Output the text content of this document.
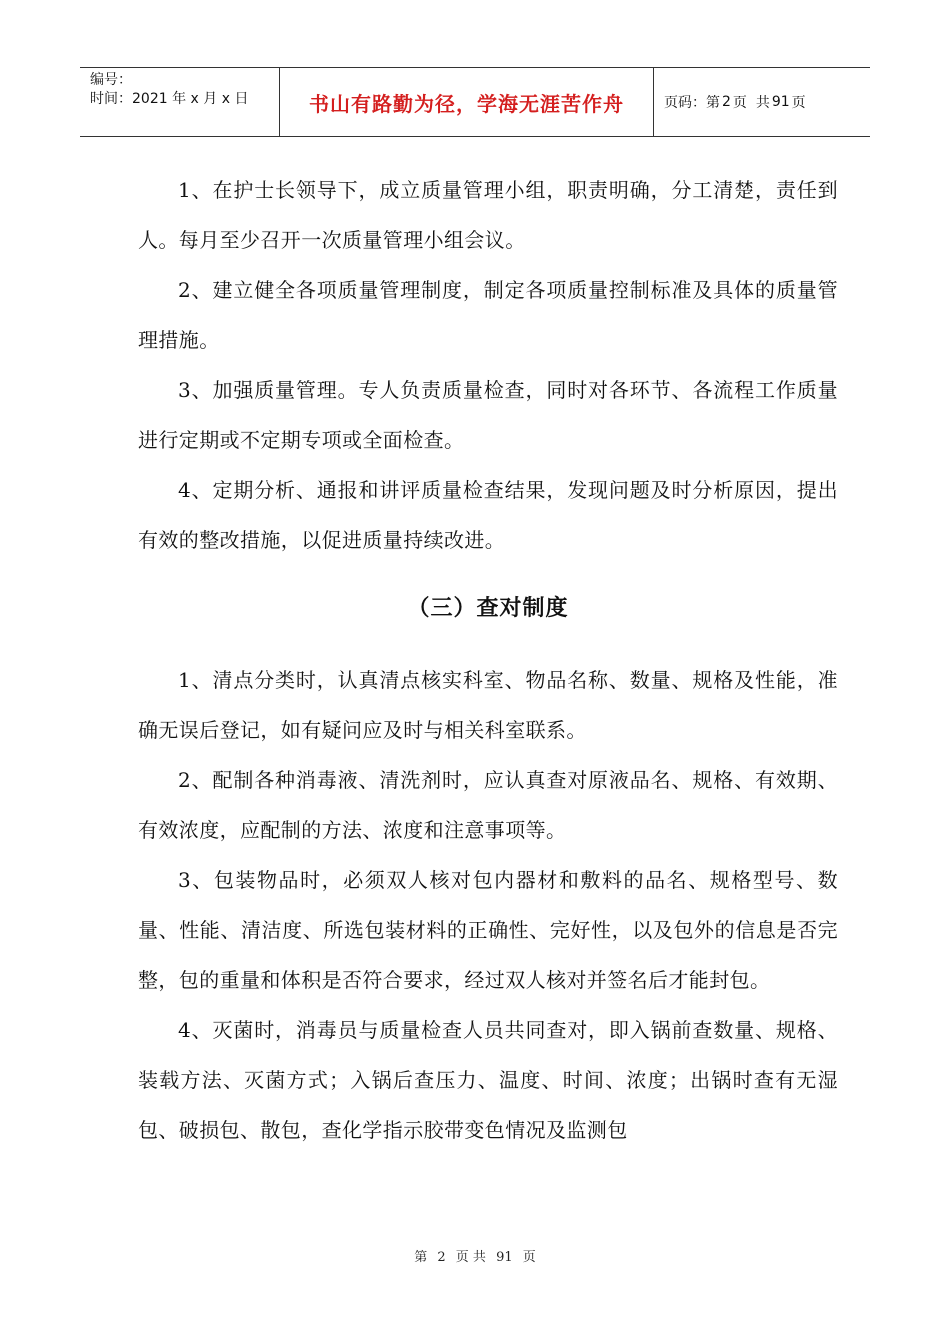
编号：
时间：2021 年 x 月 x 日	书山有路勤为径，学海无涯苦作舟	页码：第 2 页  共 91 页

1、在护士长领导下，成立质量管理小组，职责明确，分工清楚，责任到人。每月至少召开一次质量管理小组会议。

2、建立健全各项质量管理制度，制定各项质量控制标准及具体的质量管理措施。

3、加强质量管理。专人负责质量检查，同时对各环节、各流程工作质量进行定期或不定期专项或全面检查。

4、定期分析、通报和讲评质量检查结果，发现问题及时分析原因，提出有效的整改措施，以促进质量持续改进。

（三）查对制度

1、清点分类时，认真清点核实科室、物品名称、数量、规格及性能，准确无误后登记，如有疑问应及时与相关科室联系。

2、配制各种消毒液、清洗剂时，应认真查对原液品名、规格、有效期、有效浓度，应配制的方法、浓度和注意事项等。

3、包装物品时，必须双人核对包内器材和敷料的品名、规格型号、数量、性能、清洁度、所选包装材料的正确性、完好性，以及包外的信息是否完整，包的重量和体积是否符合要求，经过双人核对并签名后才能封包。

4、灭菌时，消毒员与质量检查人员共同查对，即入锅前查数量、规格、装载方法、灭菌方式；入锅后查压力、温度、时间、浓度；出锅时查有无湿包、破损包、散包，查化学指示胶带变色情况及监测包

第 2 页 共 91 页
